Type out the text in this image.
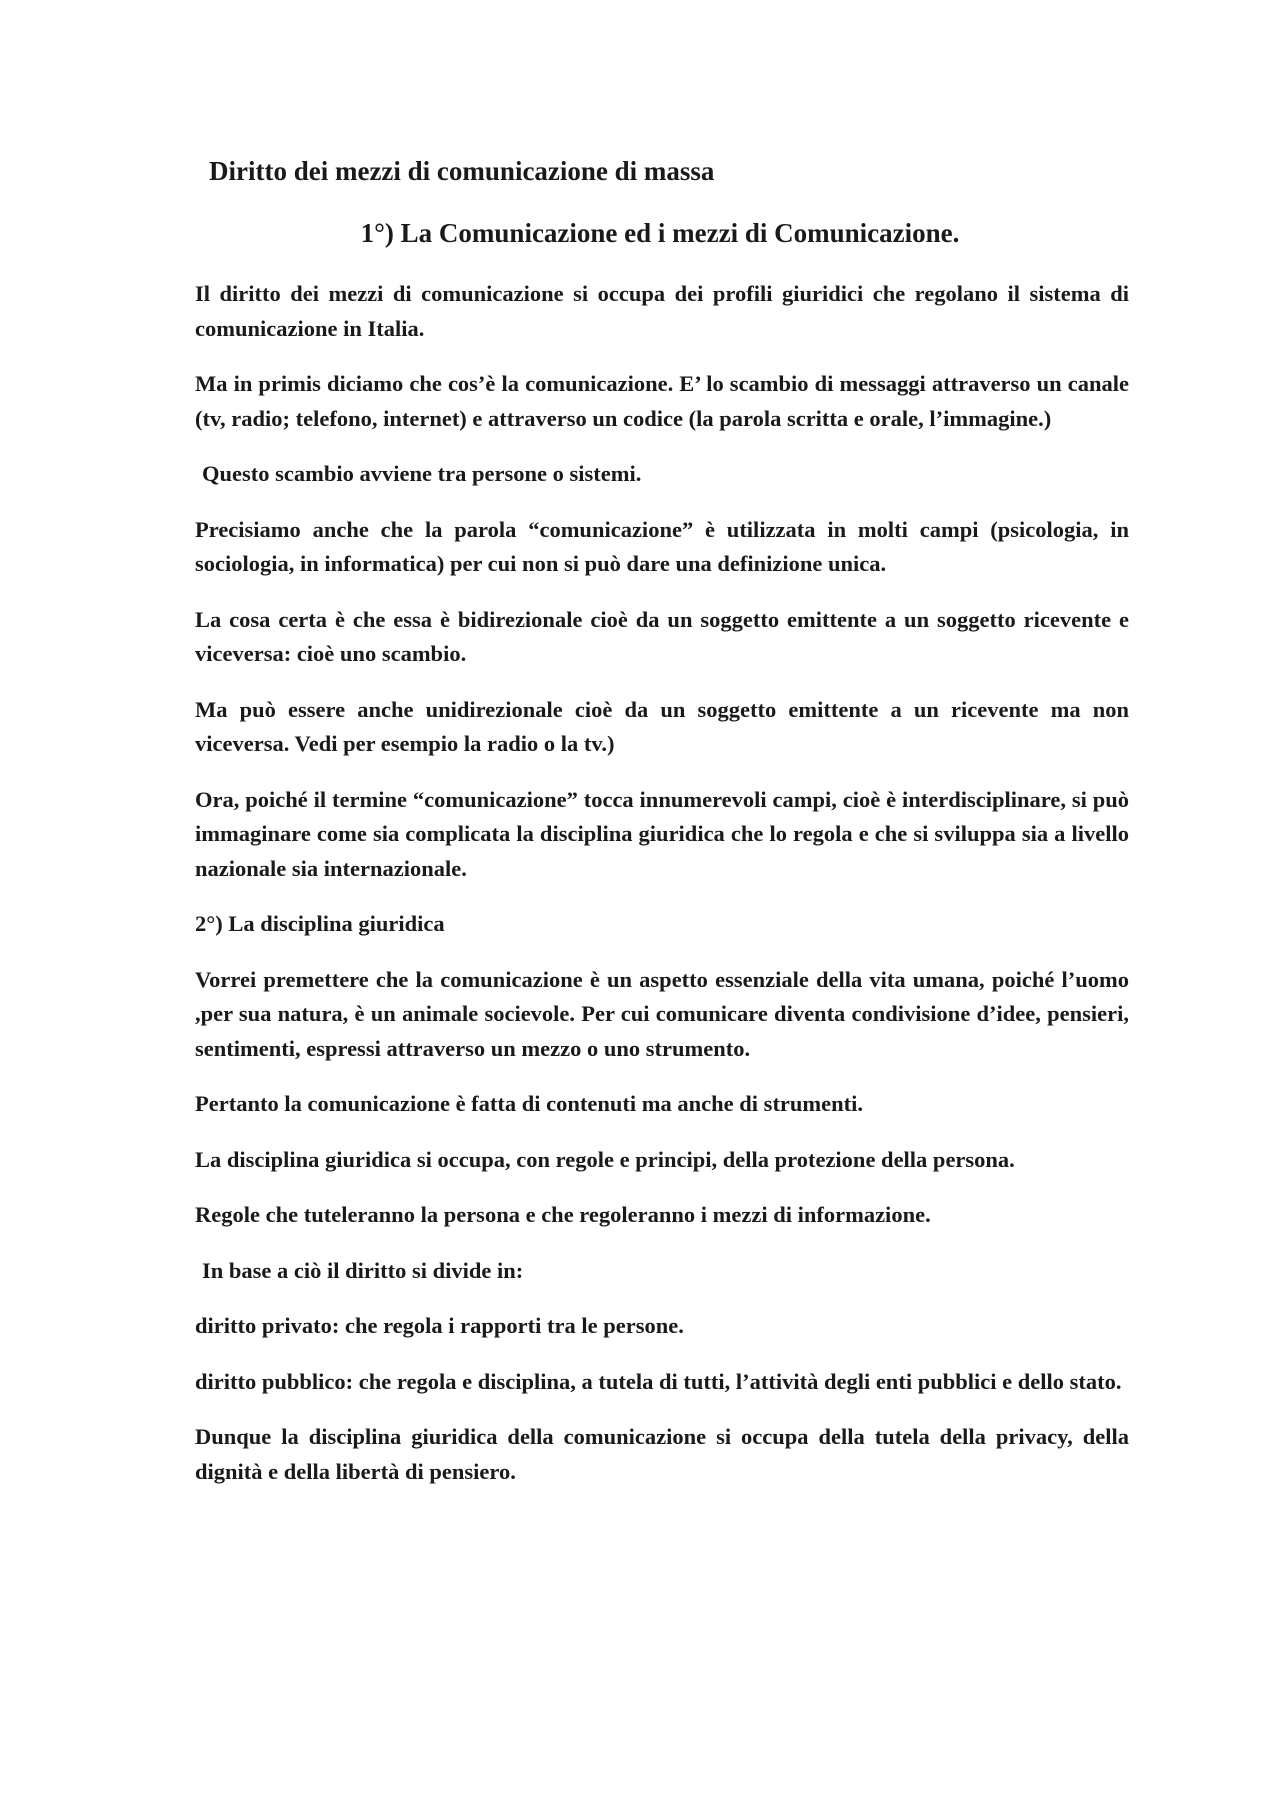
Diritto dei mezzi di comunicazione di massa
1°) La Comunicazione ed i mezzi di Comunicazione.

Il diritto dei mezzi di comunicazione si occupa dei profili giuridici che regolano il sistema di comunicazione in Italia.

Ma in primis diciamo che cos’è la comunicazione. E’ lo scambio di messaggi attraverso un canale (tv, radio; telefono, internet) e attraverso un codice (la parola scritta e orale, l’immagine.)

Questo scambio avviene tra persone o sistemi.

Precisiamo anche che la parola “comunicazione” è utilizzata in molti campi (psicologia, in sociologia, in informatica) per cui non si può dare una definizione unica.

La cosa certa è che essa è bidirezionale cioè da un soggetto emittente a un soggetto ricevente e viceversa: cioè uno scambio.

Ma può essere anche unidirezionale cioè da un soggetto emittente a un ricevente ma non viceversa. Vedi per esempio la radio o la tv.)

Ora, poiché il termine “comunicazione” tocca innumerevoli campi, cioè è interdisciplinare, si può immaginare come sia complicata la disciplina giuridica che lo regola e che si sviluppa sia a livello nazionale sia internazionale.

2°) La disciplina giuridica

Vorrei premettere che la comunicazione è un aspetto essenziale della vita umana, poiché l’uomo ,per sua natura, è un animale socievole. Per cui comunicare diventa condivisione d’idee, pensieri, sentimenti, espressi attraverso un mezzo o uno strumento.

Pertanto la comunicazione è fatta di contenuti ma anche di strumenti.

La disciplina giuridica si occupa, con regole e principi, della protezione della persona.

Regole che tuteleranno la persona e che regoleranno i mezzi di informazione.

In base a ciò il diritto si divide in:

diritto privato: che regola i rapporti tra le persone.

diritto pubblico: che regola e disciplina, a tutela di tutti, l’attività degli enti pubblici e dello stato.

Dunque la disciplina giuridica della comunicazione si occupa della tutela della privacy, della dignità e della libertà di pensiero.
